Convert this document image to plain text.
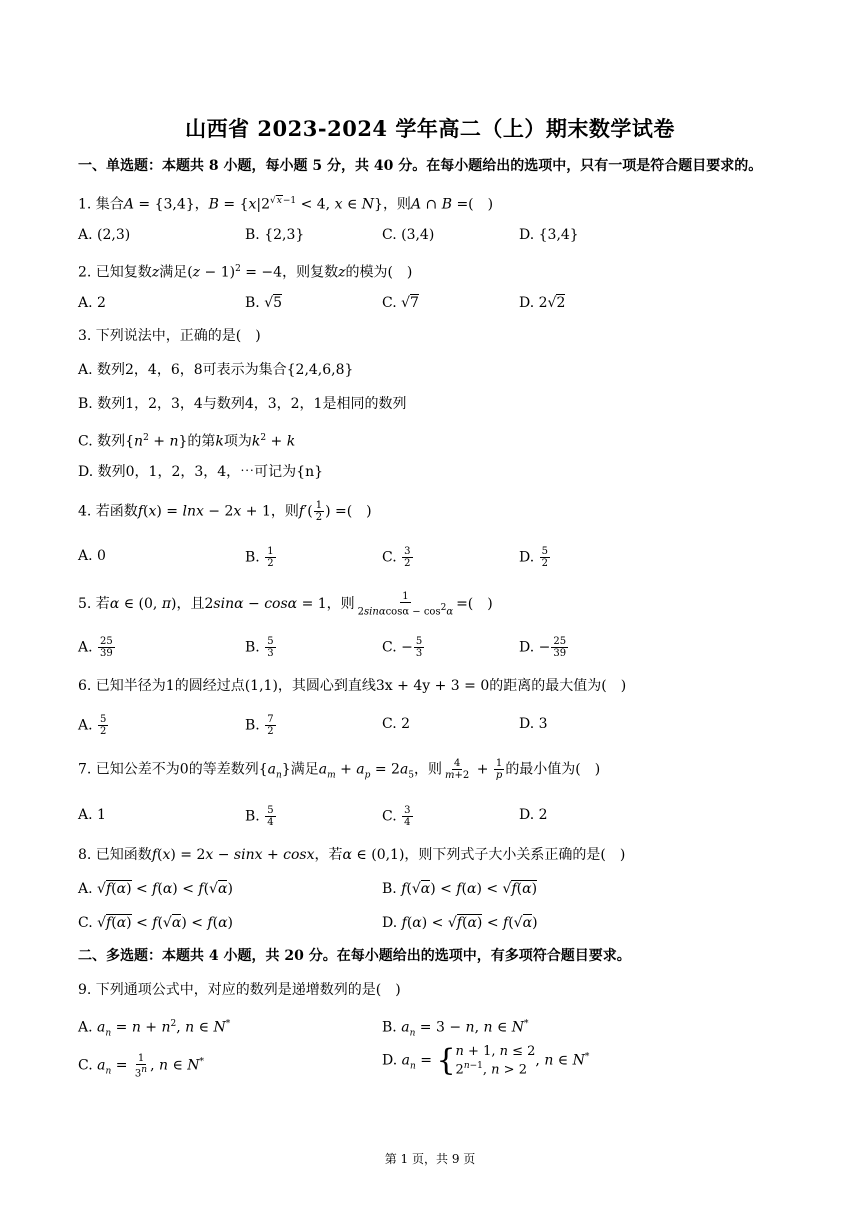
山西省 2023-2024 学年高二（上）期末数学试卷
一、单选题：本题共 8 小题，每小题 5 分，共 40 分。在每小题给出的选项中，只有一项是符合题目要求的。
1. 集合A = {3,4}，$B = \{x|2^{√x-1} < 4$, x ∈ N}，则A ∩ B =(　)
A. (2,3)	B. {2,3}	C. (3,4)	D. {3,4}
2. 已知复数z满足$(z - 1)^2 = -4$，则复数z的模为(　)
A. 2	B. √5	C. √7	D. 2√2
3. 下列说法中，正确的是(　)
A. 数列2，4，6，8可表示为集合{2,4,6,8}
B. 数列1，2，3，4与数列4，3，2，1是相同的数列
C. 数列$\{n^2 + n\}$的第k项为$k^2 + k$
D. 数列0，1，2，3，4，⋯可记为{n}
4. 若函数f(x) = lnx − 2x + 1，则$f'( \frac{1}{2}$ ) =(　)
A. 0	B. $\frac{1}{2}$	C. $\frac{3}{2}$	D. $\frac{5}{2}$
5. 若α ∈ (0, π)，且2sinα − cosα = 1，则 $\frac{1}{2\sin\alpha\cos\alpha - \cos^2\alpha}$ =(　)
A. $\frac{25}{39}$	B. $\frac{5}{3}$	C. − $\frac{5}{3}$	D. − $\frac{25}{39}$
6. 已知半径为1的圆经过点(1,1)，其圆心到直线3x + 4y + 3 = 0的距离的最大值为(　)
A. $\frac{5}{2}$	B. $\frac{7}{2}$	C. 2	D. 3
7. 已知公差不为0的等差数列$\{a_n\}$满足$a_m + a_p = 2a_5$，则 $\frac{4}{m+2} + \frac{1}{p}$ 的最小值为(　)
A. 1	B. $\frac{5}{4}$	C. $\frac{3}{4}$	D. 2
8. 已知函数f(x) = 2x − sinx + cosx，若α ∈ (0,1)，则下列式子大小关系正确的是(　)
A. √f(α) < f(α) < f(√α)	B. f(√α) < f(α) < √f(α)
C. √f(α) < f(√α) < f(α)	D. f(α) < √f(α) < f(√α)
二、多选题：本题共 4 小题，共 20 分。在每小题给出的选项中，有多项符合题目要求。
9. 下列通项公式中，对应的数列是递增数列的是(　)
A. $a_n = n + n^2$, n ∈ N*	B. $a_n = 3 - n$, n ∈ N*
C. $a_n = \frac{1}{3^n}$ , n ∈ N*	D. $a_n$ = { n + 1, n ≤ 2
$2^{n-1}$, n > 2
, n ∈ N*
第 1 页，共 9 页
